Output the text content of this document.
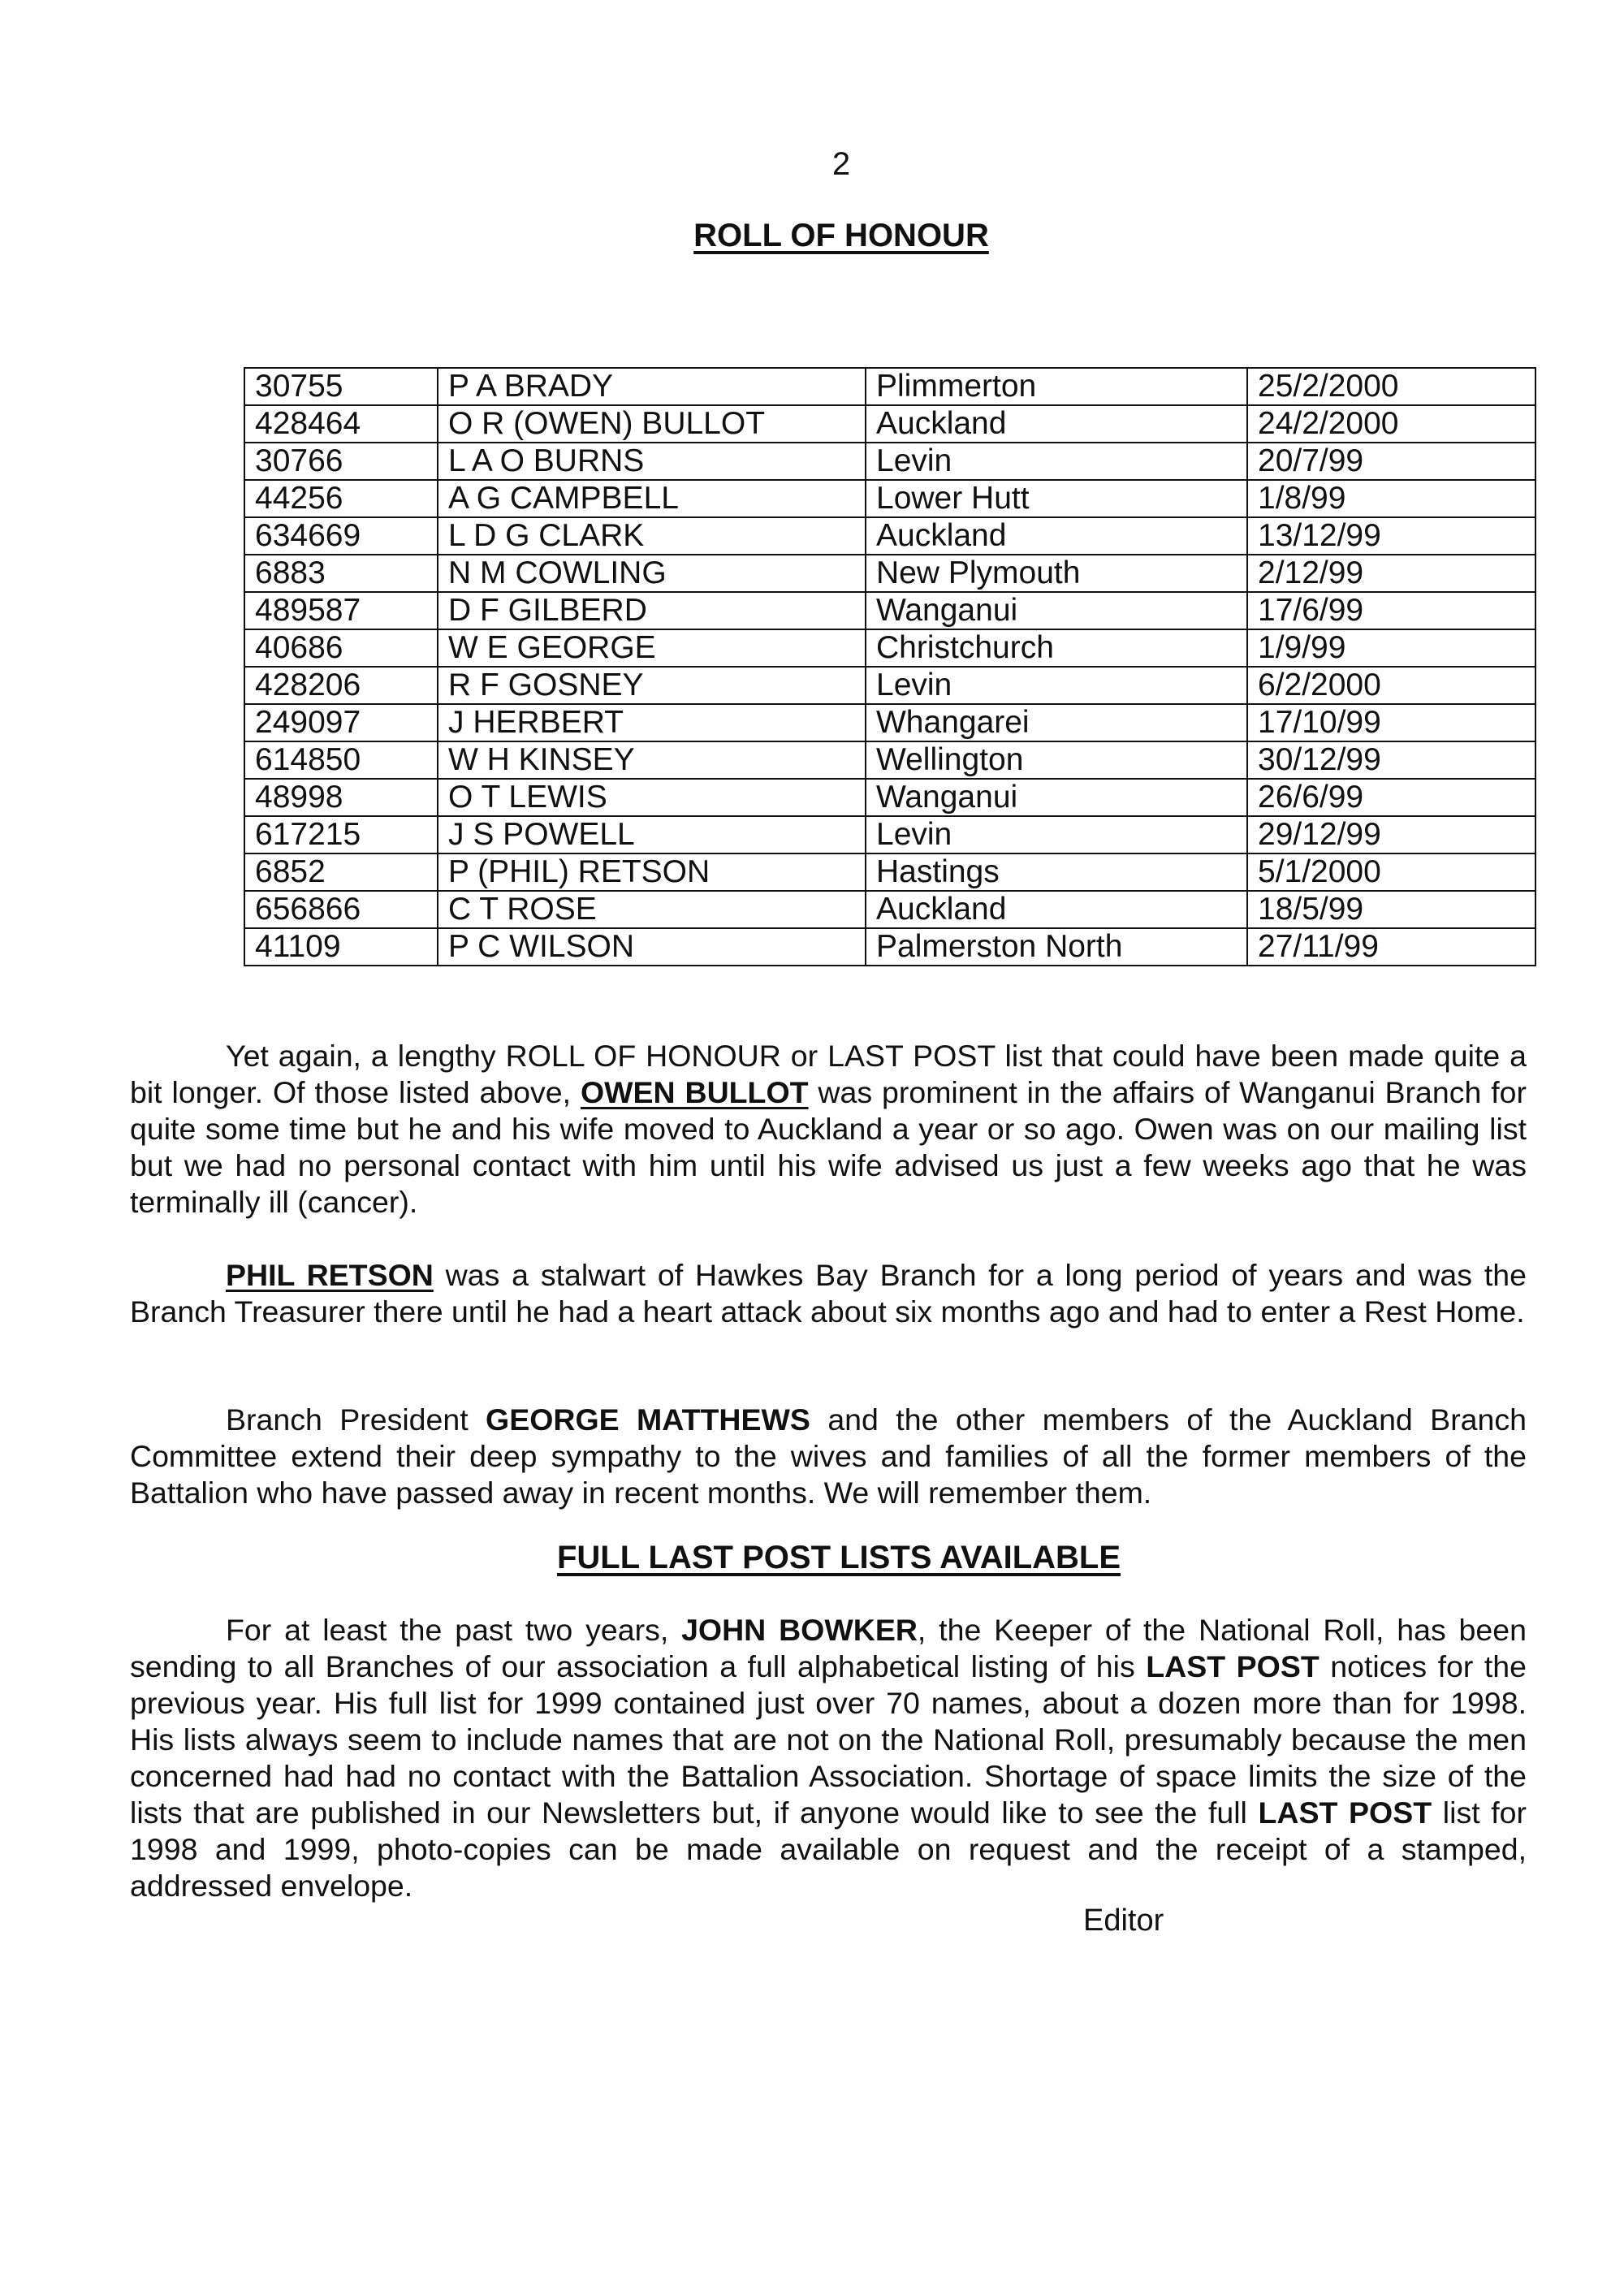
2
ROLL OF HONOUR
30755	P A BRADY	Plimmerton	25/2/2000
428464	O R (OWEN) BULLOT	Auckland	24/2/2000
30766	L A O BURNS	Levin	20/7/99
44256	A G CAMPBELL	Lower Hutt	1/8/99
634669	L D G CLARK	Auckland	13/12/99
6883	N M COWLING	New Plymouth	2/12/99
489587	D F GILBERD	Wanganui	17/6/99
40686	W E GEORGE	Christchurch	1/9/99
428206	R F GOSNEY	Levin	6/2/2000
249097	J HERBERT	Whangarei	17/10/99
614850	W H KINSEY	Wellington	30/12/99
48998	O T LEWIS	Wanganui	26/6/99
617215	J S POWELL	Levin	29/12/99
6852	P (PHIL) RETSON	Hastings	5/1/2000
656866	C T ROSE	Auckland	18/5/99
41109	P C WILSON	Palmerston North	27/11/99

Yet again, a lengthy ROLL OF HONOUR or LAST POST list that could have been made quite a bit longer. Of those listed above, OWEN BULLOT was prominent in the affairs of Wanganui Branch for quite some time but he and his wife moved to Auckland a year or so ago. Owen was on our mailing list but we had no personal contact with him until his wife advised us just a few weeks ago that he was terminally ill (cancer).

PHIL RETSON was a stalwart of Hawkes Bay Branch for a long period of years and was the Branch Treasurer there until he had a heart attack about six months ago and had to enter a Rest Home.

Branch President GEORGE MATTHEWS and the other members of the Auckland Branch Committee extend their deep sympathy to the wives and families of all the former members of the Battalion who have passed away in recent months. We will remember them.

FULL LAST POST LISTS AVAILABLE

For at least the past two years, JOHN BOWKER, the Keeper of the National Roll, has been sending to all Branches of our association a full alphabetical listing of his LAST POST notices for the previous year. His full list for 1999 contained just over 70 names, about a dozen more than for 1998. His lists always seem to include names that are not on the National Roll, presumably because the men concerned had had no contact with the Battalion Association. Shortage of space limits the size of the lists that are published in our Newsletters but, if anyone would like to see the full LAST POST list for 1998 and 1999, photo-copies can be made available on request and the receipt of a stamped, addressed envelope.

Editor
